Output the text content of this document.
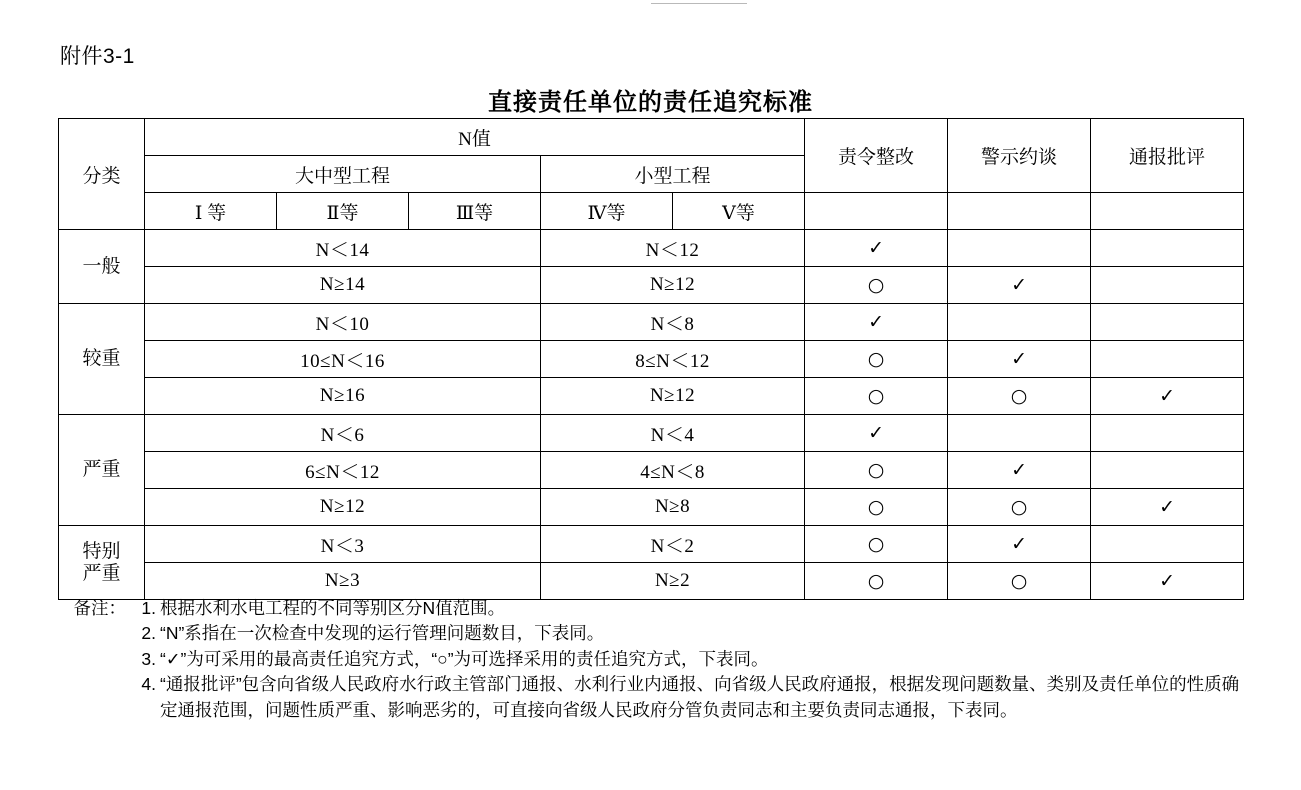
附件3-1
直接责任单位的责任追究标准
分类	N值					责令整改	警示约谈	通报批评
	大中型工程			小型工程				
	Ⅰ 等	Ⅱ等	Ⅲ等	Ⅳ等	Ⅴ等			
一般	N＜14			N＜12		✓		
	N≥14			N≥12		○	✓	
较重	N＜10			N＜8		✓		
	10≤N＜16			8≤N＜12		○	✓	
	N≥16			N≥12		○	○	✓
严重	N＜6			N＜4		✓		
	6≤N＜12			4≤N＜8		○	✓	
	N≥12			N≥8		○	○	✓

特别
严重	N＜3			N＜2		○	✓	
	N≥3			N≥2		○	○	✓
备注： 1. 根据水利水电工程的不同等别区分N值范围。
2. “N”系指在一次检查中发现的运行管理问题数目，下表同。
3. “✓”为可采用的最高责任追究方式，“○”为可选择采用的责任追究方式，下表同。
4. “通报批评”包含向省级人民政府水行政主管部门通报、水利行业内通报、向省级人民政府通报，根据发现问题数量、类别及责任单位的性质确定通报范围，问题性质严重、影响恶劣的，可直接向省级人民政府分管负责同志和主要负责同志通报，下表同。
